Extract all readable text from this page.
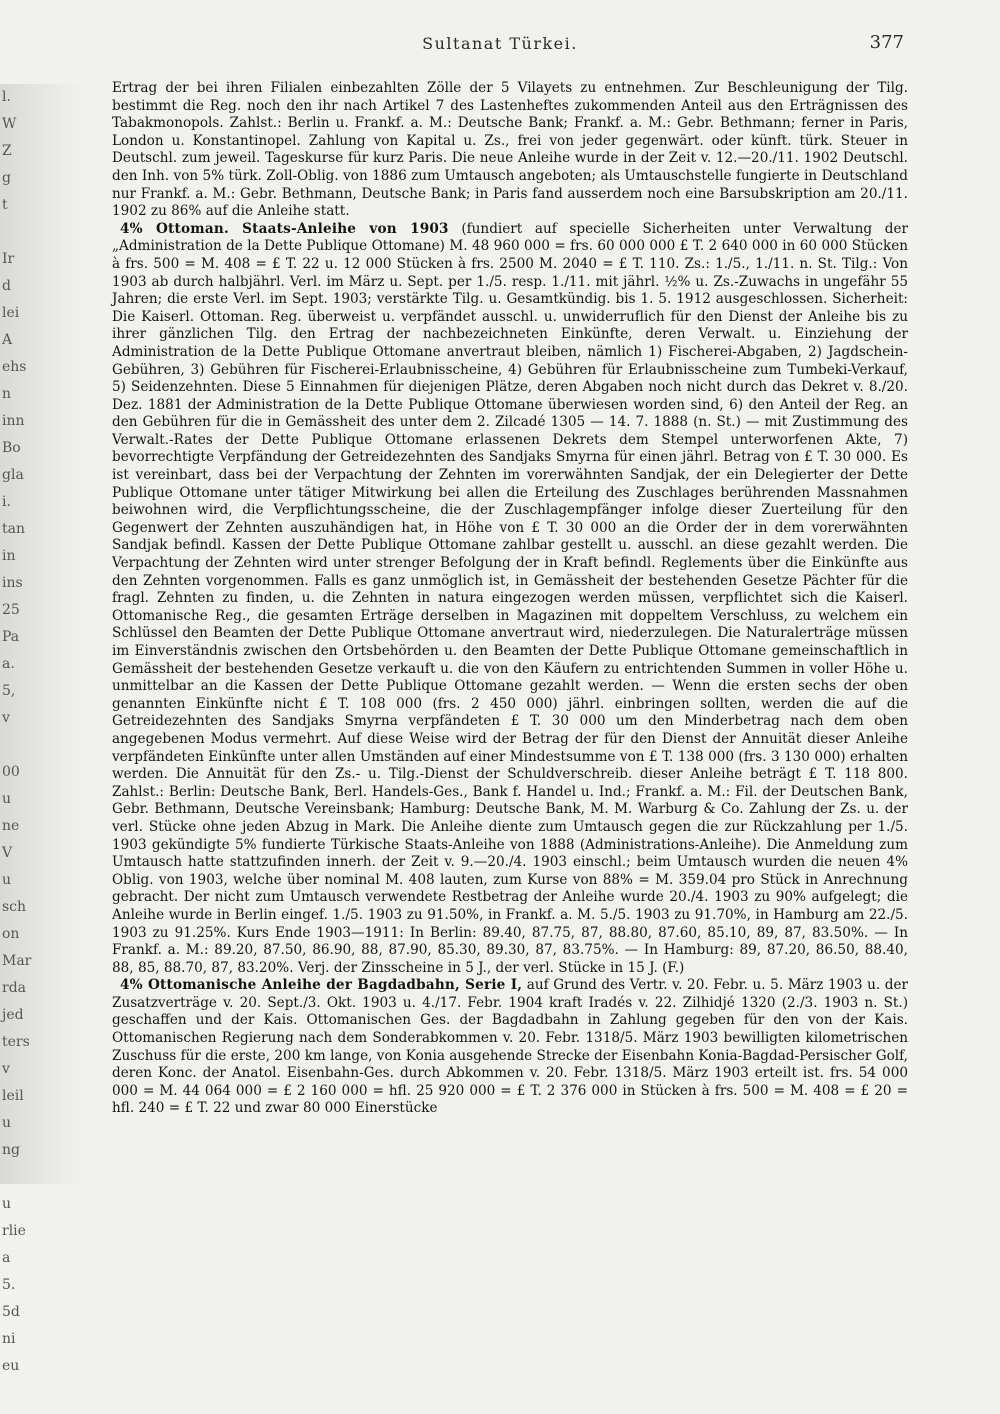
l.
W
Z
g
t
Ir
d
lei
A
ehs
n
inn
Bo
gla
i.
tan
in
ins
25
Pa
a.
5,
v
00
u
ne
V
u
sch
on
Mar
rda
jed
ters
v
leil
u
ng
u
rlie
a
5.
5d
ni
eu
Sultanat Türkei.	377

Ertrag der bei ihren Filialen einbezahlten Zölle der 5 Vilayets zu entnehmen. Zur Beschleunigung der Tilg. bestimmt die Reg. noch den ihr nach Artikel 7 des Lastenheftes zukommenden Anteil aus den Erträgnissen des Tabakmonopols. Zahlst.: Berlin u. Frankf. a. M.: Deutsche Bank; Frankf. a. M.: Gebr. Bethmann; ferner in Paris, London u. Konstantinopel. Zahlung von Kapital u. Zs., frei von jeder gegenwärt. oder künft. türk. Steuer in Deutschl. zum jeweil. Tageskurse für kurz Paris. Die neue Anleihe wurde in der Zeit v. 12.—20./11. 1902 Deutschl. den Inh. von 5% türk. Zoll-Oblig. von 1886 zum Umtausch angeboten; als Umtauschstelle fungierte in Deutschland nur Frankf. a. M.: Gebr. Bethmann, Deutsche Bank; in Paris fand ausserdem noch eine Barsubskription am 20./11. 1902 zu 86% auf die Anleihe statt.

4% Ottoman. Staats-Anleihe von 1903 (fundiert auf specielle Sicherheiten unter Verwaltung der „Administration de la Dette Publique Ottomane) M. 48 960 000 = frs. 60 000 000 £ T. 2 640 000 in 60 000 Stücken à frs. 500 = M. 408 = £ T. 22 u. 12 000 Stücken à frs. 2500 M. 2040 = £ T. 110. Zs.: 1./5., 1./11. n. St. Tilg.: Von 1903 ab durch halbjährl. Verl. im März u. Sept. per 1./5. resp. 1./11. mit jährl. ½% u. Zs.-Zuwachs in ungefähr 55 Jahren; die erste Verl. im Sept. 1903; verstärkte Tilg. u. Gesamtkündig. bis 1. 5. 1912 ausgeschlossen. Sicherheit: Die Kaiserl. Ottoman. Reg. überweist u. verpfändet ausschl. u. unwiderruflich für den Dienst der Anleihe bis zu ihrer gänzlichen Tilg. den Ertrag der nachbezeichneten Einkünfte, deren Verwalt. u. Einziehung der Administration de la Dette Publique Ottomane anvertraut bleiben, nämlich 1) Fischerei-Abgaben, 2) Jagdschein-Gebühren, 3) Gebühren für Fischerei-Erlaubnisscheine, 4) Gebühren für Erlaubnisscheine zum Tumbeki-Verkauf, 5) Seidenzehnten. Diese 5 Einnahmen für diejenigen Plätze, deren Abgaben noch nicht durch das Dekret v. 8./20. Dez. 1881 der Administration de la Dette Publique Ottomane überwiesen worden sind, 6) den Anteil der Reg. an den Gebühren für die in Gemässheit des unter dem 2. Zilcadé 1305 — 14. 7. 1888 (n. St.) — mit Zustimmung des Verwalt.-Rates der Dette Publique Ottomane erlassenen Dekrets dem Stempel unterworfenen Akte, 7) bevorrechtigte Verpfändung der Getreidezehnten des Sandjaks Smyrna für einen jährl. Betrag von £ T. 30 000. Es ist vereinbart, dass bei der Verpachtung der Zehnten im vorerwähnten Sandjak, der ein Delegierter der Dette Publique Ottomane unter tätiger Mitwirkung bei allen die Erteilung des Zuschlages berührenden Massnahmen beiwohnen wird, die Verpflichtungsscheine, die der Zuschlagempfänger infolge dieser Zuerteilung für den Gegenwert der Zehnten auszuhändigen hat, in Höhe von £ T. 30 000 an die Order der in dem vorerwähnten Sandjak befindl. Kassen der Dette Publique Ottomane zahlbar gestellt u. ausschl. an diese gezahlt werden. Die Verpachtung der Zehnten wird unter strenger Befolgung der in Kraft befindl. Reglements über die Einkünfte aus den Zehnten vorgenommen. Falls es ganz unmöglich ist, in Gemässheit der bestehenden Gesetze Pächter für die fragl. Zehnten zu finden, u. die Zehnten in natura eingezogen werden müssen, verpflichtet sich die Kaiserl. Ottomanische Reg., die gesamten Erträge derselben in Magazinen mit doppeltem Verschluss, zu welchem ein Schlüssel den Beamten der Dette Publique Ottomane anvertraut wird, niederzulegen. Die Naturalerträge müssen im Einverständnis zwischen den Ortsbehörden u. den Beamten der Dette Publique Ottomane gemeinschaftlich in Gemässheit der bestehenden Gesetze verkauft u. die von den Käufern zu entrichtenden Summen in voller Höhe u. unmittelbar an die Kassen der Dette Publique Ottomane gezahlt werden. — Wenn die ersten sechs der oben genannten Einkünfte nicht £ T. 108 000 (frs. 2 450 000) jährl. einbringen sollten, werden die auf die Getreidezehnten des Sandjaks Smyrna verpfändeten £ T. 30 000 um den Minderbetrag nach dem oben angegebenen Modus vermehrt. Auf diese Weise wird der Betrag der für den Dienst der Annuität dieser Anleihe verpfändeten Einkünfte unter allen Umständen auf einer Mindestsumme von £ T. 138 000 (frs. 3 130 000) erhalten werden. Die Annuität für den Zs.- u. Tilg.-Dienst der Schuldverschreib. dieser Anleihe beträgt £ T. 118 800. Zahlst.: Berlin: Deutsche Bank, Berl. Handels-Ges., Bank f. Handel u. Ind.; Frankf. a. M.: Fil. der Deutschen Bank, Gebr. Bethmann, Deutsche Vereinsbank; Hamburg: Deutsche Bank, M. M. Warburg & Co. Zahlung der Zs. u. der verl. Stücke ohne jeden Abzug in Mark. Die Anleihe diente zum Umtausch gegen die zur Rückzahlung per 1./5. 1903 gekündigte 5% fundierte Türkische Staats-Anleihe von 1888 (Administrations-Anleihe). Die Anmeldung zum Umtausch hatte stattzufinden innerh. der Zeit v. 9.—20./4. 1903 einschl.; beim Umtausch wurden die neuen 4% Oblig. von 1903, welche über nominal M. 408 lauten, zum Kurse von 88% = M. 359.04 pro Stück in Anrechnung gebracht. Der nicht zum Umtausch verwendete Restbetrag der Anleihe wurde 20./4. 1903 zu 90% aufgelegt; die Anleihe wurde in Berlin eingef. 1./5. 1903 zu 91.50%, in Frankf. a. M. 5./5. 1903 zu 91.70%, in Hamburg am 22./5. 1903 zu 91.25%. Kurs Ende 1903—1911: In Berlin: 89.40, 87.75, 87, 88.80, 87.60, 85.10, 89, 87, 83.50%. — In Frankf. a. M.: 89.20, 87.50, 86.90, 88, 87.90, 85.30, 89.30, 87, 83.75%. — In Hamburg: 89, 87.20, 86.50, 88.40, 88, 85, 88.70, 87, 83.20%. Verj. der Zinsscheine in 5 J., der verl. Stücke in 15 J. (F.)

4% Ottomanische Anleihe der Bagdadbahn, Serie I, auf Grund des Vertr. v. 20. Febr. u. 5. März 1903 u. der Zusatzverträge v. 20. Sept./3. Okt. 1903 u. 4./17. Febr. 1904 kraft Iradés v. 22. Zilhidjé 1320 (2./3. 1903 n. St.) geschaffen und der Kais. Ottomanischen Ges. der Bagdadbahn in Zahlung gegeben für den von der Kais. Ottomanischen Regierung nach dem Sonderabkommen v. 20. Febr. 1318/5. März 1903 bewilligten kilometrischen Zuschuss für die erste, 200 km lange, von Konia ausgehende Strecke der Eisenbahn Konia-Bagdad-Persischer Golf, deren Konc. der Anatol. Eisenbahn-Ges. durch Abkommen v. 20. Febr. 1318/5. März 1903 erteilt ist. frs. 54 000 000 = M. 44 064 000 = £ 2 160 000 = hfl. 25 920 000 = £ T. 2 376 000 in Stücken à frs. 500 = M. 408 = £ 20 = hfl. 240 = £ T. 22 und zwar 80 000 Einerstücke
